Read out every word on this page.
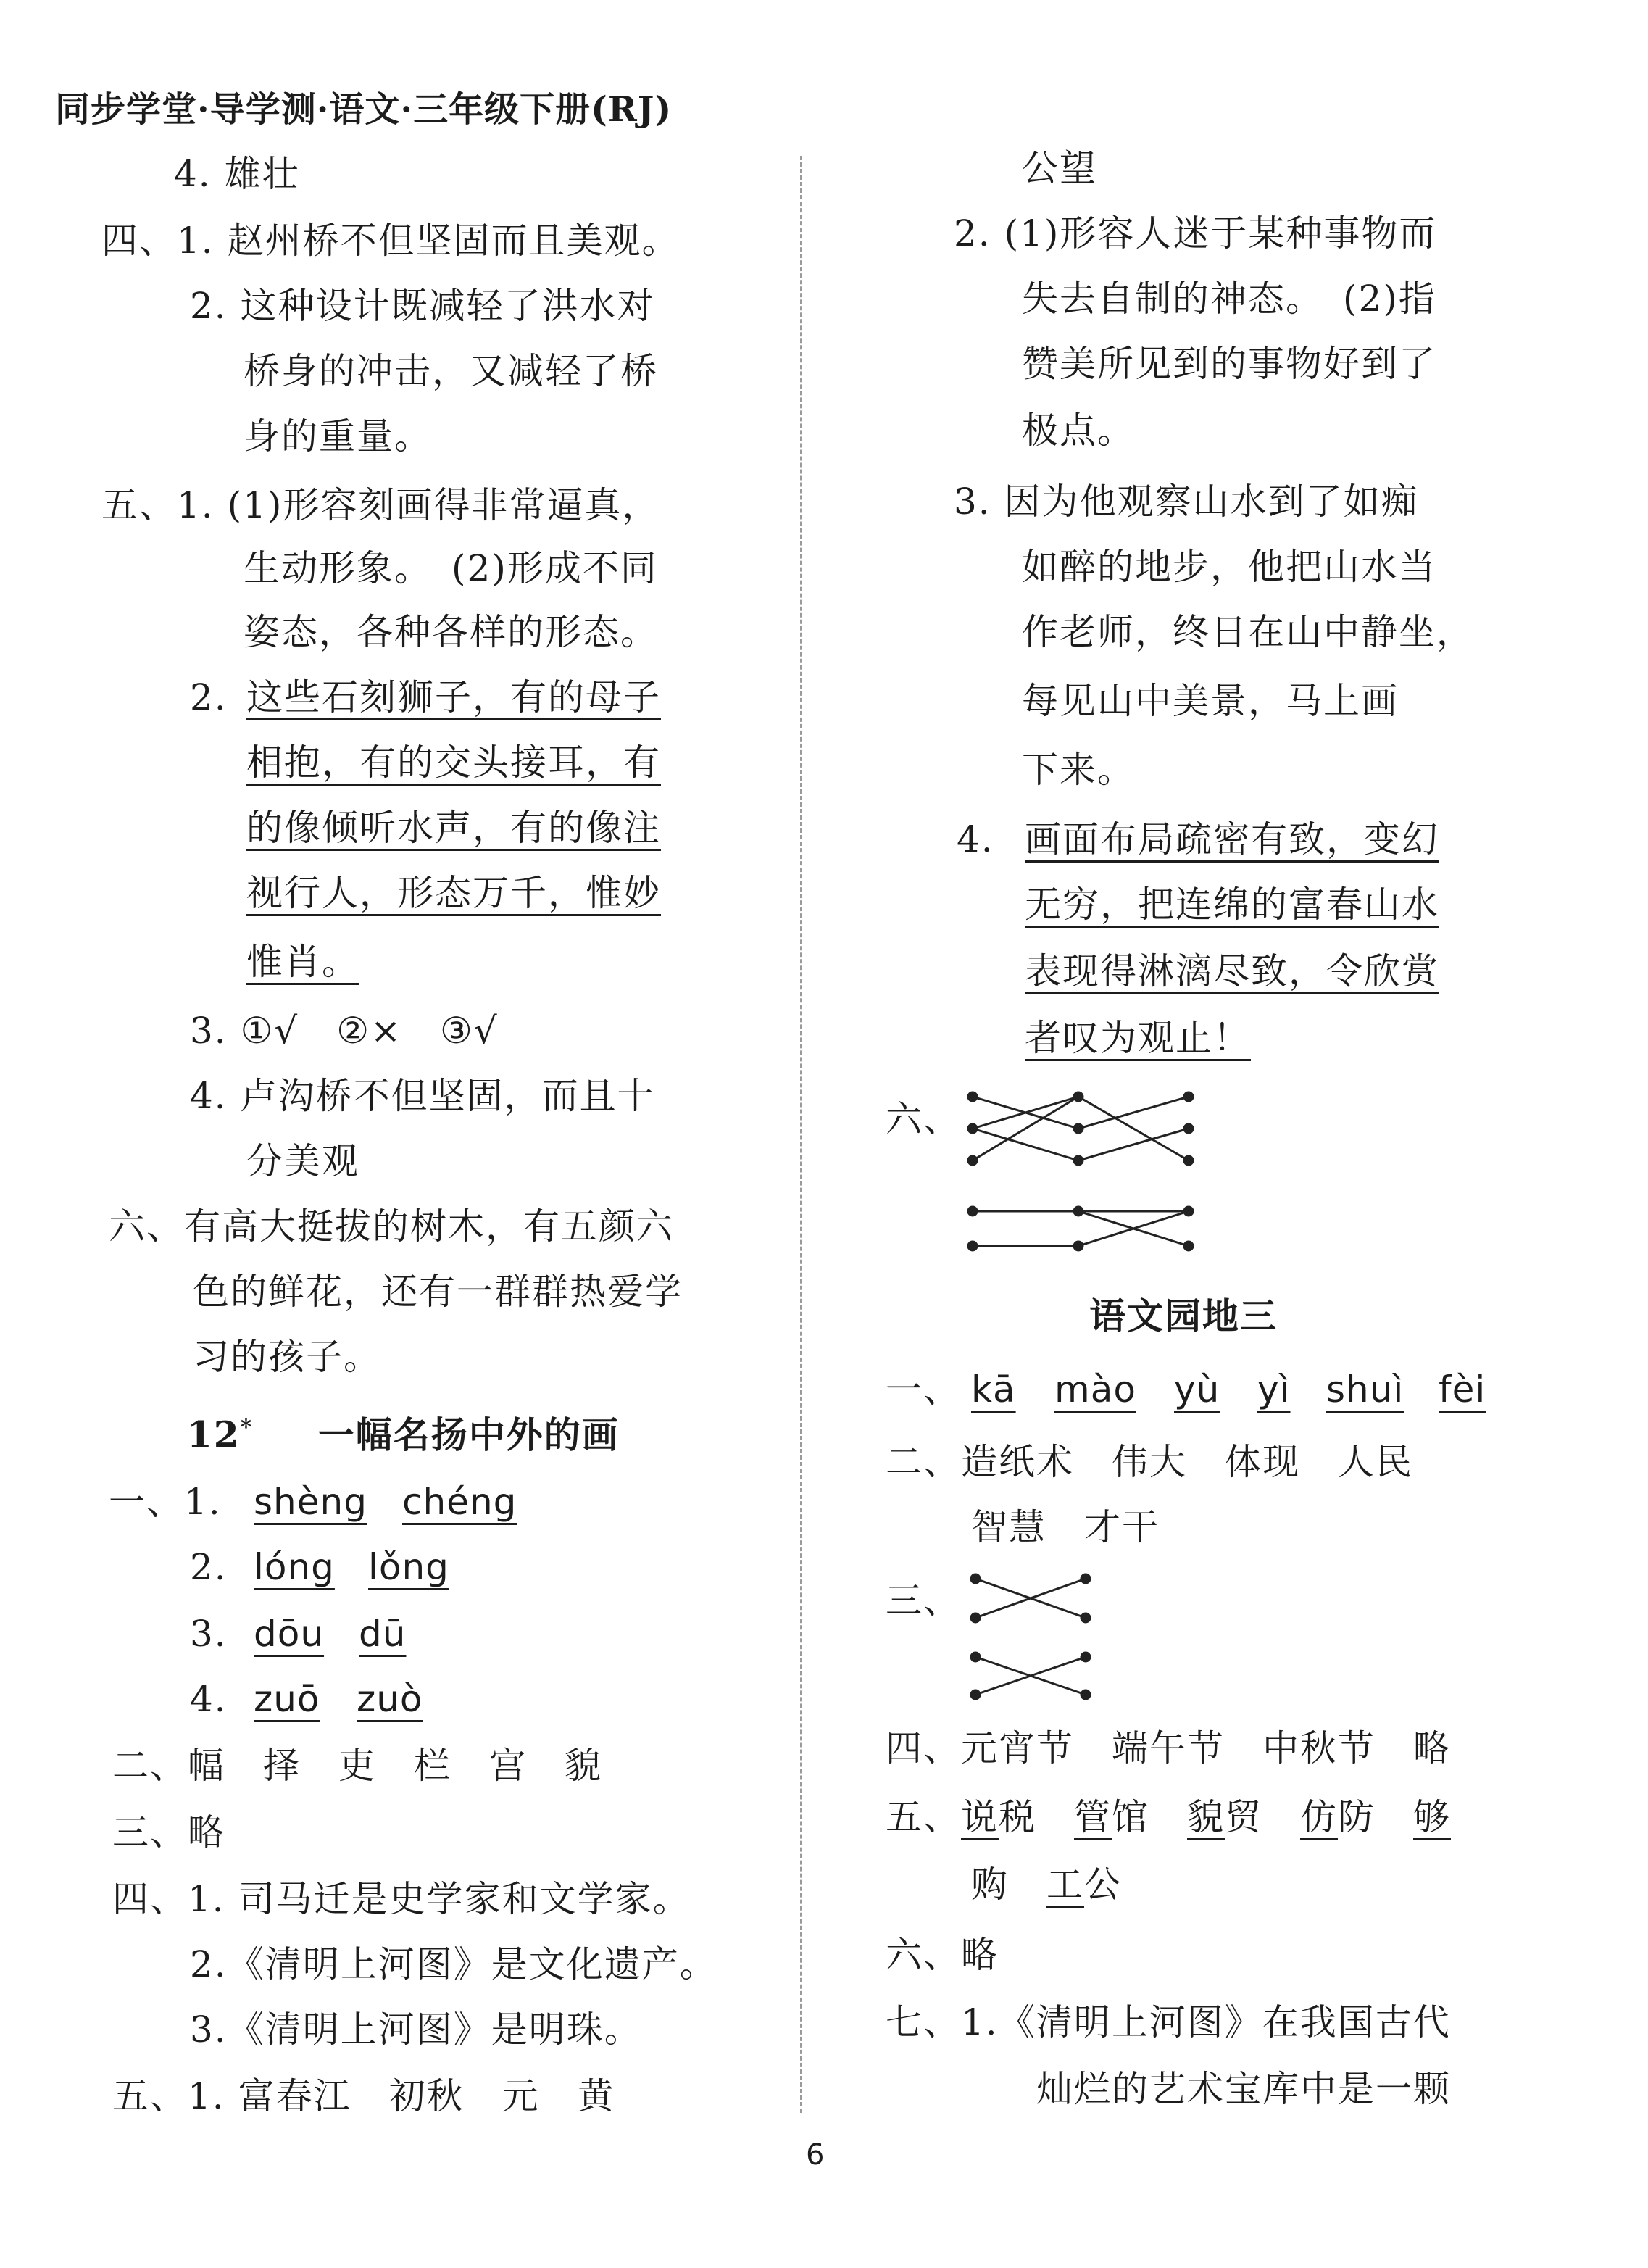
同步学堂·导学测·语文·三年级下册(RJ)
4. 雄壮
四、1. 赵州桥不但坚固而且美观。
2. 这种设计既减轻了洪水对
桥身的冲击，又减轻了桥
身的重量。
五、1. (1)形容刻画得非常逼真，
生动形象。　(2)形成不同
姿态，各种各样的形态。
2. 这些石刻狮子，有的母子
相抱，有的交头接耳，有
的像倾听水声，有的像注
视行人，形态万千，惟妙
惟肖。
3. ①√　②×　③√
4. 卢沟桥不但坚固，而且十
分美观
六、有高大挺拔的树木，有五颜六
色的鲜花，还有一群群热爱学
习的孩子。
12* 一幅名扬中外的画
一、1. shèng chéng
2. lóng lǒng
3. dōu dū
4. zuō zuò
二、幅　择　吏　栏　宫　貌
三、略
四、1. 司马迁是史学家和文学家。
2.《清明上河图》是文化遗产。
3.《清明上河图》是明珠。
五、1. 富春江　初秋　元　黄
公望
2. (1)形容人迷于某种事物而
失去自制的神态。　(2)指
赞美所见到的事物好到了
极点。
3. 因为他观察山水到了如痴
如醉的地步，他把山水当
作老师，终日在山中静坐，
每见山中美景，马上画
下来。
4. 画面布局疏密有致，变幻
无穷，把连绵的富春山水
表现得淋漓尽致，令欣赏
者叹为观止！
六、
语文园地三
一、 kā mào yù yì shuì fèi
二、造纸术　伟大　体现　人民
智慧　才干
三、
四、元宵节　端午节　中秋节　略
五、说税　 管馆　 貌贸　 仿防　 够
购　 工公
六、略
七、1.《清明上河图》在我国古代
灿烂的艺术宝库中是一颗
6
